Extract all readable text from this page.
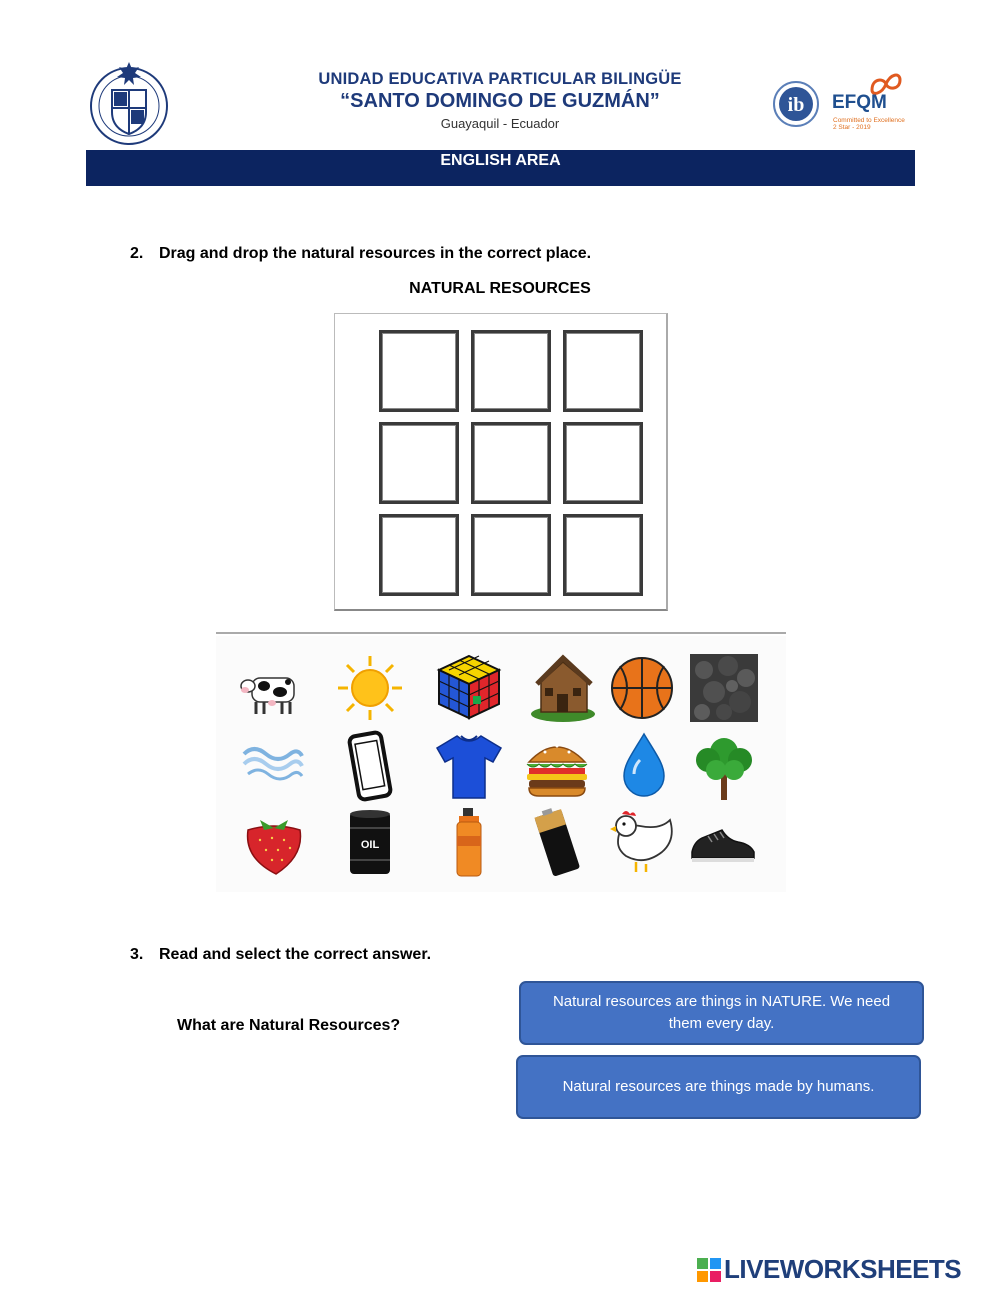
UNIDAD EDUCATIVA PARTICULAR BILINGÜE
“SANTO DOMINGO DE GUZMÁN”
Guayaquil - Ecuador
ib EFQM
Committed to Excellence
2 Star - 2019
ENGLISH AREA
2. Drag and drop the natural resources in the correct place.
NATURAL RESOURCES
OIL
3. Read and select the correct answer.
What are Natural Resources?
Natural resources are things in NATURE. We need them every day.
Natural resources are things made by humans.
LIVEWORKSHEETS
